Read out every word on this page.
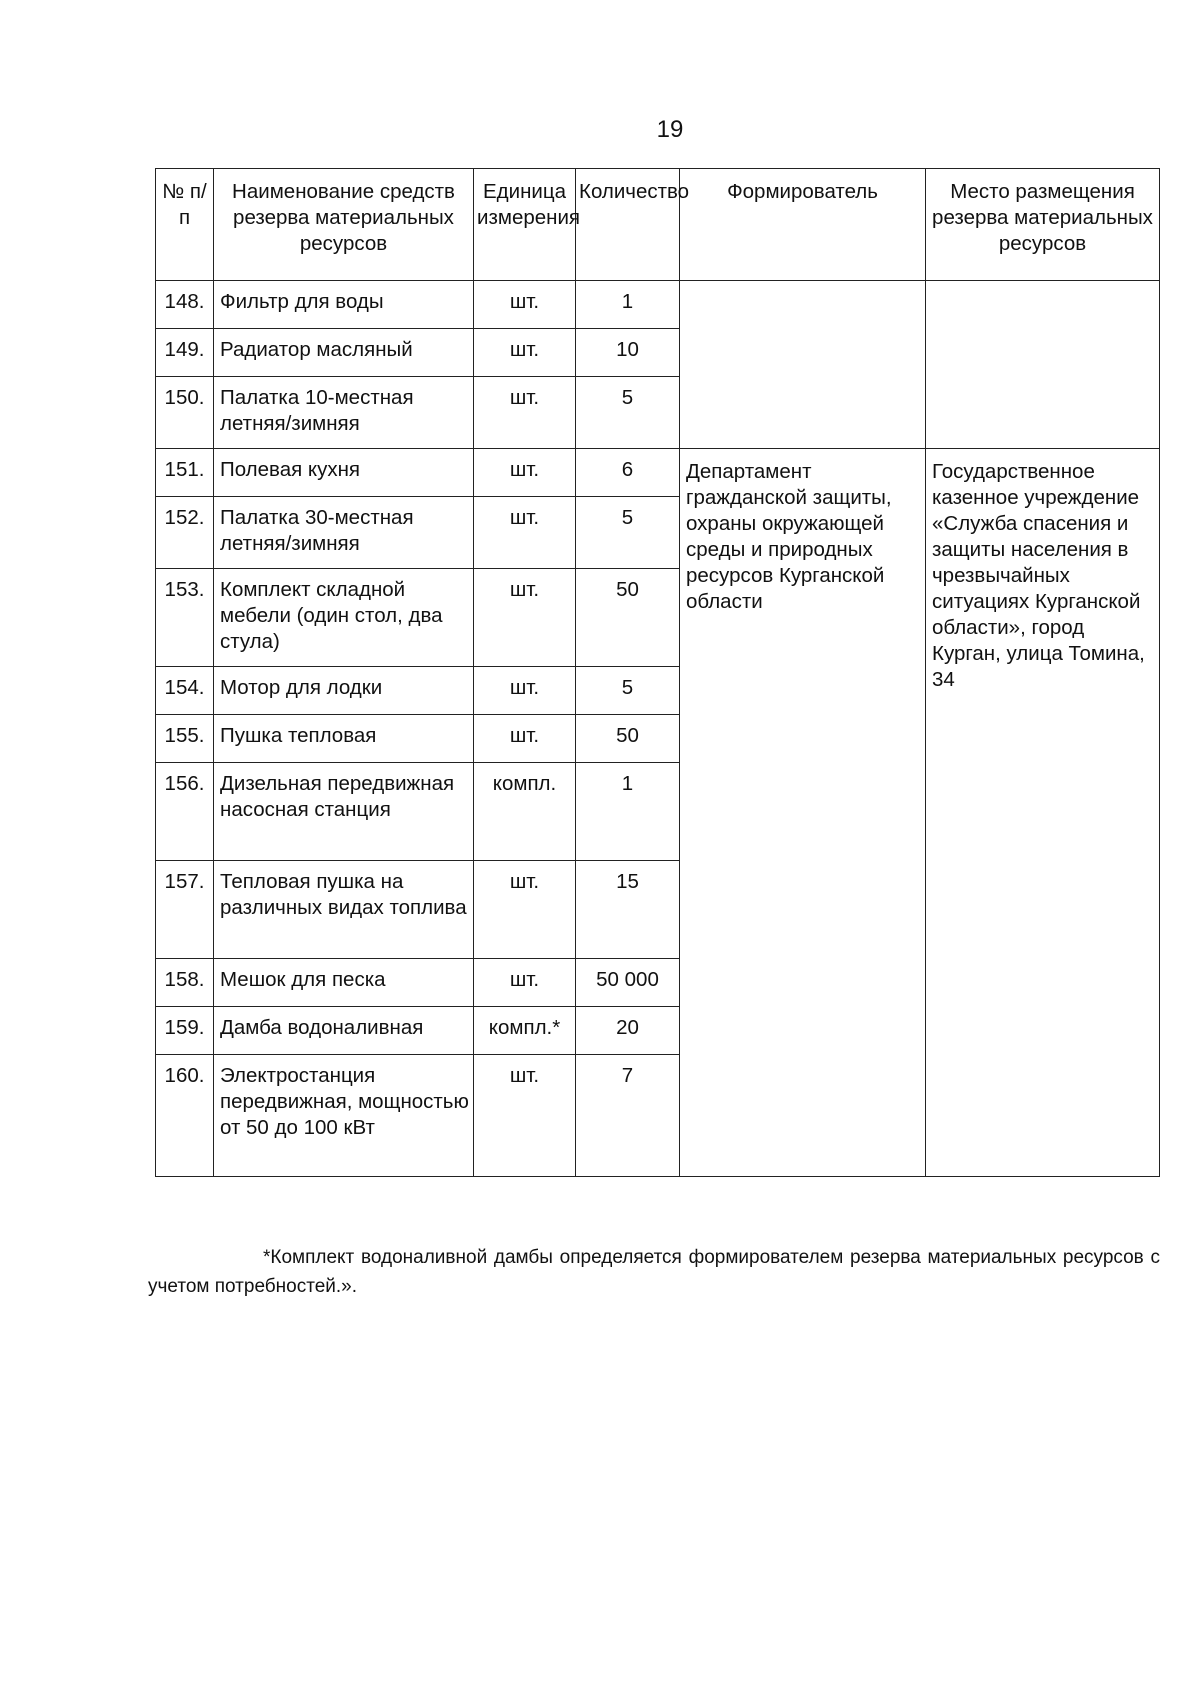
19
№ п/п	Наименование средств резерва материальных ресурсов	Единица измерения	Количество	Формирователь	Место размещения резерва материальных ресурсов
148.	Фильтр для воды	шт.	1		
149.	Радиатор масляный	шт.	10		
150.	Палатка 10-местная летняя/зимняя	шт.	5		
151.	Полевая кухня	шт.	6	Департамент гражданской защиты, охраны окружающей среды и природных ресурсов Курганской области	Государственное казенное учреждение «Служба спасения и защиты населения в чрезвычайных ситуациях Курганской области», город Курган, улица Томина, 34
152.	Палатка 30-местная летняя/зимняя	шт.	5		
153.	Комплект складной мебели (один стол, два стула)	шт.	50		
154.	Мотор для лодки	шт.	5		
155.	Пушка тепловая	шт.	50		
156.	Дизельная передвижная насосная станция	компл.	1		
157.	Тепловая пушка на различных видах топлива	шт.	15		
158.	Мешок для песка	шт.	50 000		
159.	Дамба водоналивная	компл.*	20		
160.	Электростанция передвижная, мощностью от 50 до 100 кВт	шт.	7		

*Комплект водоналивной дамбы определяется формирователем резерва материальных ресурсов с учетом потребностей.».
